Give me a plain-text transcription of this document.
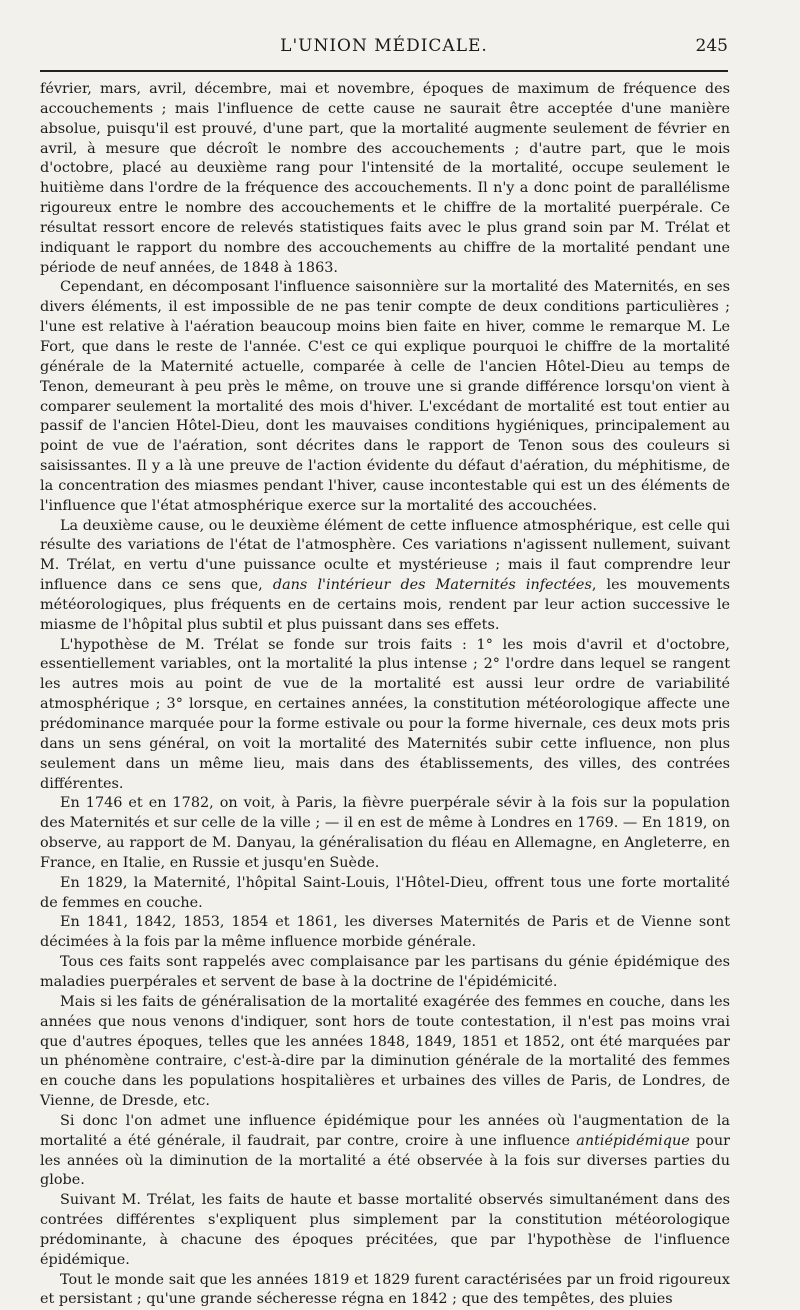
L'UNION MÉDICALE.	245

février, mars, avril, décembre, mai et novembre, époques de maximum de fréquence des accouchements ; mais l'influence de cette cause ne saurait être acceptée d'une manière absolue, puisqu'il est prouvé, d'une part, que la mortalité augmente seulement de février en avril, à mesure que décroît le nombre des accouchements ; d'autre part, que le mois d'octobre, placé au deuxième rang pour l'intensité de la mortalité, occupe seulement le huitième dans l'ordre de la fréquence des accouchements. Il n'y a donc point de parallélisme rigoureux entre le nombre des accouchements et le chiffre de la mortalité puerpérale. Ce résultat ressort encore de relevés statistiques faits avec le plus grand soin par M. Trélat et indiquant le rapport du nombre des accouchements au chiffre de la mortalité pendant une période de neuf années, de 1848 à 1863.

Cependant, en décomposant l'influence saisonnière sur la mortalité des Maternités, en ses divers éléments, il est impossible de ne pas tenir compte de deux conditions particulières ; l'une est relative à l'aération beaucoup moins bien faite en hiver, comme le remarque M. Le Fort, que dans le reste de l'année. C'est ce qui explique pourquoi le chiffre de la mortalité générale de la Maternité actuelle, comparée à celle de l'ancien Hôtel-Dieu au temps de Tenon, demeurant à peu près le même, on trouve une si grande différence lorsqu'on vient à comparer seulement la mortalité des mois d'hiver. L'excédant de mortalité est tout entier au passif de l'ancien Hôtel-Dieu, dont les mauvaises conditions hygiéniques, principalement au point de vue de l'aération, sont décrites dans le rapport de Tenon sous des couleurs si saisissantes. Il y a là une preuve de l'action évidente du défaut d'aération, du méphitisme, de la concentration des miasmes pendant l'hiver, cause incontestable qui est un des éléments de l'influence que l'état atmosphérique exerce sur la mortalité des accouchées.

La deuxième cause, ou le deuxième élément de cette influence atmosphérique, est celle qui résulte des variations de l'état de l'atmosphère. Ces variations n'agissent nullement, suivant M. Trélat, en vertu d'une puissance oculte et mystérieuse ; mais il faut comprendre leur influence dans ce sens que, dans l'intérieur des Maternités infectées, les mouvements météorologiques, plus fréquents en de certains mois, rendent par leur action successive le miasme de l'hôpital plus subtil et plus puissant dans ses effets.

L'hypothèse de M. Trélat se fonde sur trois faits : 1° les mois d'avril et d'octobre, essentiellement variables, ont la mortalité la plus intense ; 2° l'ordre dans lequel se rangent les autres mois au point de vue de la mortalité est aussi leur ordre de variabilité atmosphérique ; 3° lorsque, en certaines années, la constitution météorologique affecte une prédominance marquée pour la forme estivale ou pour la forme hivernale, ces deux mots pris dans un sens général, on voit la mortalité des Maternités subir cette influence, non plus seulement dans un même lieu, mais dans des établissements, des villes, des contrées différentes.

En 1746 et en 1782, on voit, à Paris, la fièvre puerpérale sévir à la fois sur la population des Maternités et sur celle de la ville ; — il en est de même à Londres en 1769. — En 1819, on observe, au rapport de M. Danyau, la généralisation du fléau en Allemagne, en Angleterre, en France, en Italie, en Russie et jusqu'en Suède.

En 1829, la Maternité, l'hôpital Saint-Louis, l'Hôtel-Dieu, offrent tous une forte mortalité de femmes en couche.

En 1841, 1842, 1853, 1854 et 1861, les diverses Maternités de Paris et de Vienne sont décimées à la fois par la même influence morbide générale.

Tous ces faits sont rappelés avec complaisance par les partisans du génie épidémique des maladies puerpérales et servent de base à la doctrine de l'épidémicité.

Mais si les faits de généralisation de la mortalité exagérée des femmes en couche, dans les années que nous venons d'indiquer, sont hors de toute contestation, il n'est pas moins vrai que d'autres époques, telles que les années 1848, 1849, 1851 et 1852, ont été marquées par un phénomène contraire, c'est-à-dire par la diminution générale de la mortalité des femmes en couche dans les populations hospitalières et urbaines des villes de Paris, de Londres, de Vienne, de Dresde, etc.

Si donc l'on admet une influence épidémique pour les années où l'augmentation de la mortalité a été générale, il faudrait, par contre, croire à une influence antiépidémique pour les années où la diminution de la mortalité a été observée à la fois sur diverses parties du globe.

Suivant M. Trélat, les faits de haute et basse mortalité observés simultanément dans des contrées différentes s'expliquent plus simplement par la constitution météorologique prédominante, à chacune des époques précitées, que par l'hypothèse de l'influence épidémique.

Tout le monde sait que les années 1819 et 1829 furent caractérisées par un froid rigoureux et persistant ; qu'une grande sécheresse régna en 1842 ; que des tempêtes, des pluies
